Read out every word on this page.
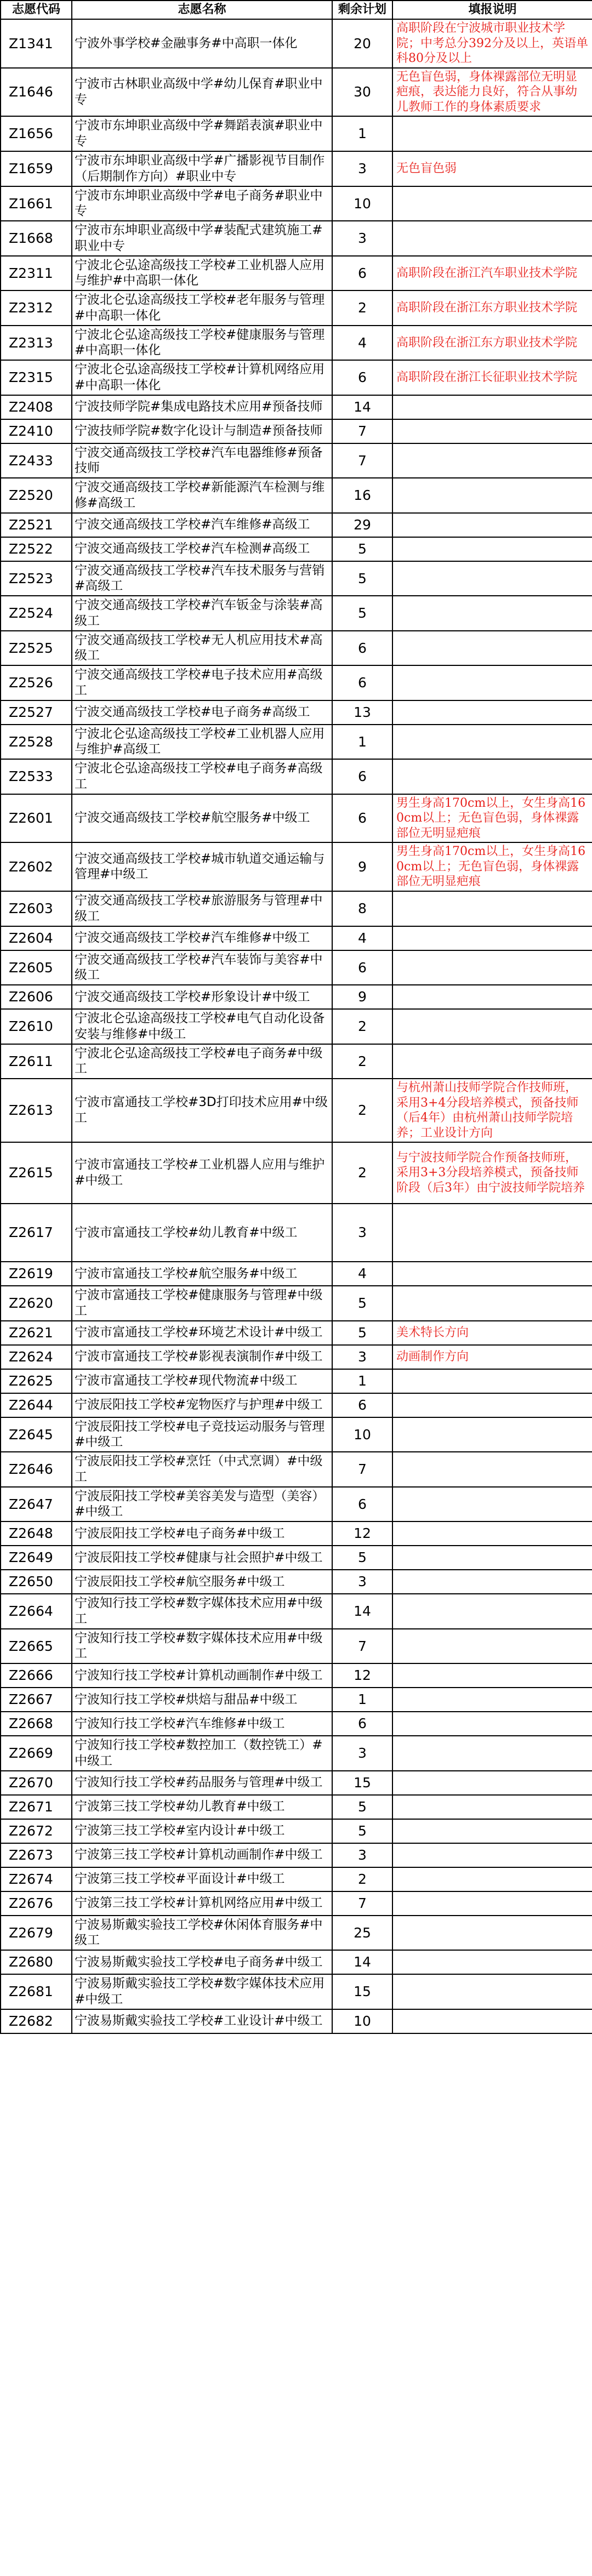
志愿代码	志愿名称	剩余计划	填报说明
Z1341	宁波外事学校#金融事务#中高职一体化	20	高职阶段在宁波城市职业技术学院；中考总分392分及以上，英语单科80分及以上
Z1646	宁波市古林职业高级中学#幼儿保育#职业中专	30	无色盲色弱，身体裸露部位无明显疤痕，表达能力良好，符合从事幼儿教师工作的身体素质要求
Z1656	宁波市东坤职业高级中学#舞蹈表演#职业中专	1	
Z1659	宁波市东坤职业高级中学#广播影视节目制作（后期制作方向）#职业中专	3	无色盲色弱
Z1661	宁波市东坤职业高级中学#电子商务#职业中专	10	
Z1668	宁波市东坤职业高级中学#装配式建筑施工#职业中专	3	
Z2311	宁波北仑弘途高级技工学校#工业机器人应用与维护#中高职一体化	6	高职阶段在浙江汽车职业技术学院
Z2312	宁波北仑弘途高级技工学校#老年服务与管理#中高职一体化	2	高职阶段在浙江东方职业技术学院
Z2313	宁波北仑弘途高级技工学校#健康服务与管理#中高职一体化	4	高职阶段在浙江东方职业技术学院
Z2315	宁波北仑弘途高级技工学校#计算机网络应用#中高职一体化	6	高职阶段在浙江长征职业技术学院
Z2408	宁波技师学院#集成电路技术应用#预备技师	14	
Z2410	宁波技师学院#数字化设计与制造#预备技师	7	
Z2433	宁波交通高级技工学校#汽车电器维修#预备技师	7	
Z2520	宁波交通高级技工学校#新能源汽车检测与维修#高级工	16	
Z2521	宁波交通高级技工学校#汽车维修#高级工	29	
Z2522	宁波交通高级技工学校#汽车检测#高级工	5	
Z2523	宁波交通高级技工学校#汽车技术服务与营销#高级工	5	
Z2524	宁波交通高级技工学校#汽车钣金与涂装#高级工	5	
Z2525	宁波交通高级技工学校#无人机应用技术#高级工	6	
Z2526	宁波交通高级技工学校#电子技术应用#高级工	6	
Z2527	宁波交通高级技工学校#电子商务#高级工	13	
Z2528	宁波北仑弘途高级技工学校#工业机器人应用与维护#高级工	1	
Z2533	宁波北仑弘途高级技工学校#电子商务#高级工	6	
Z2601	宁波交通高级技工学校#航空服务#中级工	6	男生身高170cm以上，女生身高160cm以上；无色盲色弱，身体裸露部位无明显疤痕
Z2602	宁波交通高级技工学校#城市轨道交通运输与管理#中级工	9	男生身高170cm以上，女生身高160cm以上；无色盲色弱，身体裸露部位无明显疤痕
Z2603	宁波交通高级技工学校#旅游服务与管理#中级工	8	
Z2604	宁波交通高级技工学校#汽车维修#中级工	4	
Z2605	宁波交通高级技工学校#汽车装饰与美容#中级工	6	
Z2606	宁波交通高级技工学校#形象设计#中级工	9	
Z2610	宁波北仑弘途高级技工学校#电气自动化设备安装与维修#中级工	2	
Z2611	宁波北仑弘途高级技工学校#电子商务#中级工	2	
Z2613	宁波市富通技工学校#3D打印技术应用#中级工	2	与杭州萧山技师学院合作技师班，采用3+4分段培养模式，预备技师（后4年）由杭州萧山技师学院培养；工业设计方向
Z2615	宁波市富通技工学校#工业机器人应用与维护#中级工	2	与宁波技师学院合作预备技师班，采用3+3分段培养模式，预备技师阶段（后3年）由宁波技师学院培养
Z2617	宁波市富通技工学校#幼儿教育#中级工	3	
Z2619	宁波市富通技工学校#航空服务#中级工	4	
Z2620	宁波市富通技工学校#健康服务与管理#中级工	5	
Z2621	宁波市富通技工学校#环境艺术设计#中级工	5	美术特长方向
Z2624	宁波市富通技工学校#影视表演制作#中级工	3	动画制作方向
Z2625	宁波市富通技工学校#现代物流#中级工	1	
Z2644	宁波辰阳技工学校#宠物医疗与护理#中级工	6	
Z2645	宁波辰阳技工学校#电子竞技运动服务与管理#中级工	10	
Z2646	宁波辰阳技工学校#烹饪（中式烹调）#中级工	7	
Z2647	宁波辰阳技工学校#美容美发与造型（美容）#中级工	6	
Z2648	宁波辰阳技工学校#电子商务#中级工	12	
Z2649	宁波辰阳技工学校#健康与社会照护#中级工	5	
Z2650	宁波辰阳技工学校#航空服务#中级工	3	
Z2664	宁波知行技工学校#数字媒体技术应用#中级工	14	
Z2665	宁波知行技工学校#数字媒体技术应用#中级工	7	
Z2666	宁波知行技工学校#计算机动画制作#中级工	12	
Z2667	宁波知行技工学校#烘焙与甜品#中级工	1	
Z2668	宁波知行技工学校#汽车维修#中级工	6	
Z2669	宁波知行技工学校#数控加工（数控铣工）#中级工	3	
Z2670	宁波知行技工学校#药品服务与管理#中级工	15	
Z2671	宁波第三技工学校#幼儿教育#中级工	5	
Z2672	宁波第三技工学校#室内设计#中级工	5	
Z2673	宁波第三技工学校#计算机动画制作#中级工	3	
Z2674	宁波第三技工学校#平面设计#中级工	2	
Z2676	宁波第三技工学校#计算机网络应用#中级工	7	
Z2679	宁波易斯戴实验技工学校#休闲体育服务#中级工	25	
Z2680	宁波易斯戴实验技工学校#电子商务#中级工	14	
Z2681	宁波易斯戴实验技工学校#数字媒体技术应用#中级工	15	
Z2682	宁波易斯戴实验技工学校#工业设计#中级工	10	
